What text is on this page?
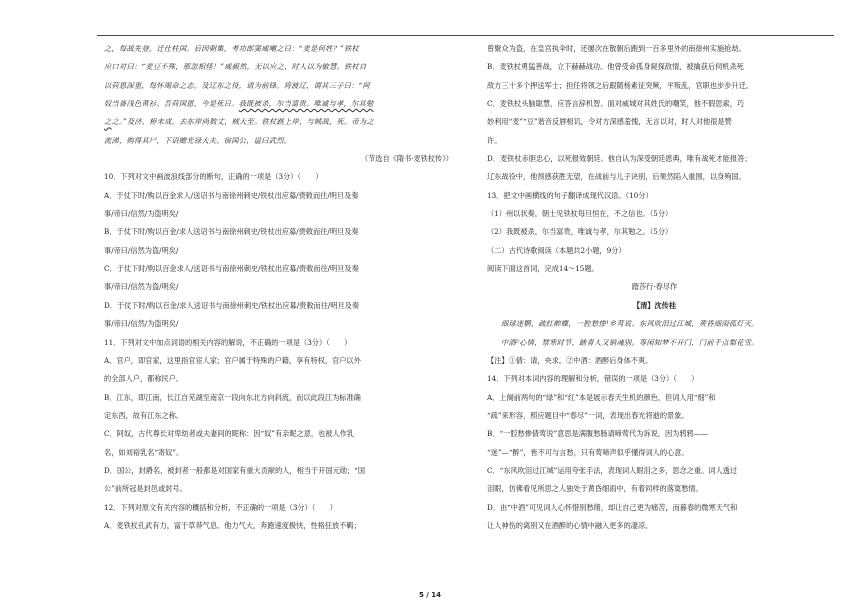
之，每战先登。迁仕柱国。后因朝集，考功郎窦威嘲之曰：“麦是何姓？”铁杖

应口对曰：“麦豆不殊，那忽相怪！”威赧然，无以应之，时人以为敏慧。铁杖自

以荷恩深重，每怀竭命之志。及辽东之役，请为前锋。将渡辽，谓其三子曰：“阿

奴当备浅色黄衫。吾荷国恩，今是死日。我既被杀，尔当富贵。唯诚与孝，尔其勉

之之。”及济，桥未成，去东岸尚数丈，贼大至。铁杖跳上岸，与贼战，死。帝为之

流涕，购得其尸，下诏赠光禄大夫、宿国公，谥曰武烈。

（节选自《隋书·麦铁杖传》）

10．下列对文中画波浪线部分的断句，正确的一项是（3分）（　　）

A．于仗下时/购以百金求人/送诏书与南徐州刺史/铁杖出应募/赍敕而往/明旦及奏

事/帝曰/信然/为盗明矣/

B．于仗下时/购以百金/求人送诏书与南徐州刺史/铁杖出应募/赍敕而往/明旦及奏

事/帝曰/信然为盗/明矣/

C．于仗下时/购以百金求人/送诏书与南徐州刺史/铁杖出应募/赍敕而往/明旦及奏

事/帝曰/信然为盗/明矣/

D．于仗下时/购以百金/求人送诏书与南徐州刺史/铁杖出应募/赍敕而往/明旦及奏

事/帝曰/信然/为盗明矣/

11．下列对文中加点词语的相关内容的解说，不正确的一项是（3分）（　　）

A．官户，即官家，这里指官宦人家；官户属于特殊的户籍，享有特权，官户以外

的全部人户，都称民户。

B．江东，即江南，长江自芜湖至南京一段向东北方向斜流，而以此段江为标准确

定东西，故有江东之称。

C．阿奴，古代尊长对卑幼者或夫妻间的昵称：因“奴”有亲昵之意，也被人作乳

名，如刘裕乳名“寄奴”。

D．国公，封爵名，被封者一般都是对国家有重大贡献的人，相当于开国元勋；“国

公”前所冠是封邑或封号。

12．下列对原文有关内容的概括和分析，不正确的一项是（3分）（　　）

A．麦铁杖孔武有力，富于草莽气息。他力气大，奔跑速度极快，性格狂放不羁；

曾聚众为盗，在皇宫执伞时，还屡次在散朝后跑到一百多里外的南徐州实施抢劫。

B．麦铁杖勇猛善战，立下赫赫战功。他曾受命孤身窥探敌情，被擒获后伺机杀死

敌方三十多个押送军士；担任将领之后跟随杨素征突厥，平叛乱，官职也步步升迁。

C．麦铁杖头脑聪慧，应答言辞机智。面对威城对其姓氏的嘲笑，他不假思索，巧

妙利用“麦”“豆”谐音反唇相讥，令对方深感羞愧，无言以对，时人对他很是赞

许。

D．麦铁杖赤胆忠心，以死报效朝廷。他自认为深受朝廷恩典，唯有战死才能报答；

辽东战役中，他预感获胜无望，在战前与儿子诀别，后果然陷入重围，以身殉国。

13．把文中画横线的句子翻译成现代汉语。（10分）

（1）州以状奏，朝士见铁杖每旦恒在，不之信也。（5分）

（2）我既被杀，尔当富贵，唯诚与孝，尔其勉之。（5分）

（二）古代诗歌阅读（本题共2小题，9分）

阅读下面这首词，完成14～15题。

踏莎行·春尽作

【清】沈传桂

细球迷鹦，疏红醉蝶，一腔愁惨¹乡莺说。东风吹泪过江城，黄昏细雨孤灯灭。

中酒²心情，禁寒时节，踏青人又销魂别。等闲知梦不开门，门前千点梨花雪。

【注】①倩：请，央求。②中酒：酒醉后身体不爽。

14．下列对本词内容的理解和分析，错误的一项是（3分）（　　）

A．上阕前两句的“绿”和“红”本是展示春天生机的颜色，但词人用“细”和

“疏”来形容，照应题目中“春尽”一词，表现出春光将逝的景象。

B．“一腔愁惨倩莺说”意思是满腹愁肠请啼莺代为诉说，因为鸦鸦——

“迷”—“醉”，皆不可与言愁，只有莺啼声似乎懂得词人的心意。

C．“东风吹泪过江城”运用夸张手法，表现词人眼泪之多，思念之重。词人透过

泪眼，仿佛看见所思之人独处于黄昏细雨中，有着同样的落寞愁情。

D．由“中酒”可见词人心怀惜别愁绪，却让自己更为痛苦，而暮春的微寒天气和

让人神伤的离别又在酒醉的心情中融入更多的凄凉。

5 / 14
